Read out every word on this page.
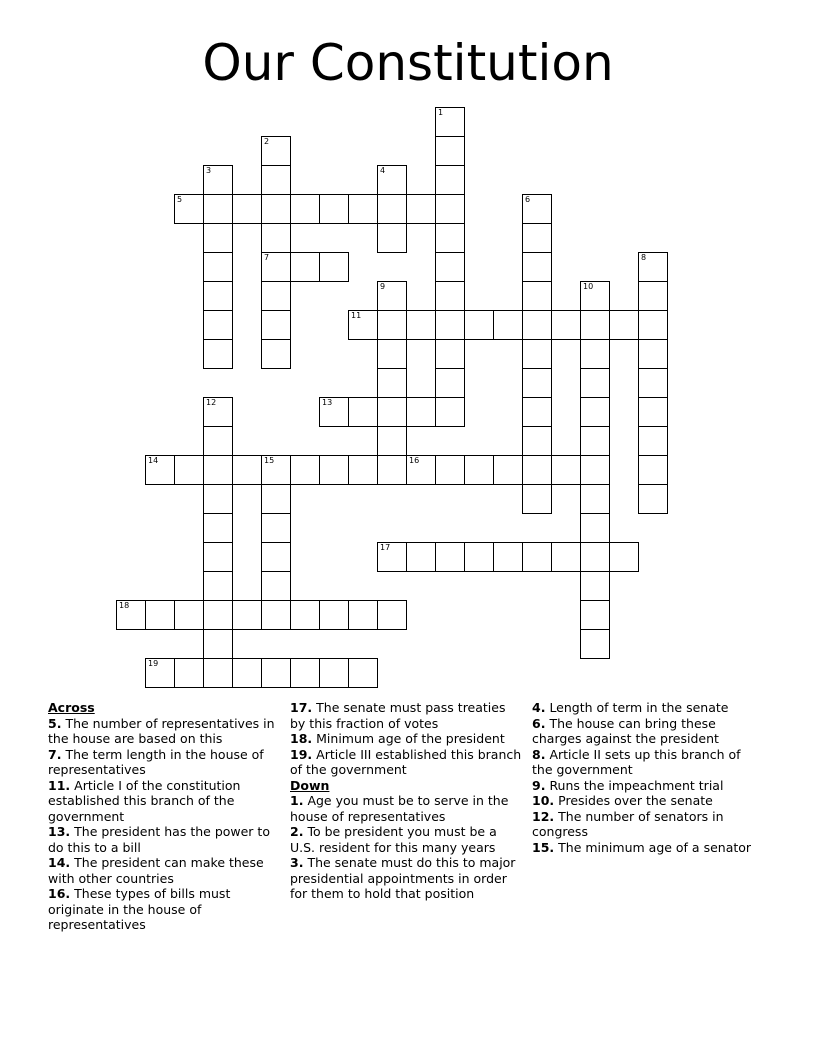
Our Constitution
5
7
11
13
14	15	16
17
18
19
1
2
3	4
6
8
9	10
12
Across

5. The number of representatives in the house are based on this

7. The term length in the house of representatives

11. Article I of the constitution established this branch of the government

13. The president has the power to do this to a bill

14. The president can make these with other countries

16. These types of bills must originate in the house of representatives

17. The senate must pass treaties by this fraction of votes

18. Minimum age of the president

19. Article III established this branch of the government

Down

1. Age you must be to serve in the house of representatives

2. To be president you must be a U.S. resident for this many years

3. The senate must do this to major presidential appointments in order for them to hold that position

4. Length of term in the senate

6. The house can bring these charges against the president

8. Article II sets up this branch of the government

9. Runs the impeachment trial

10. Presides over the senate

12. The number of senators in congress

15. The minimum age of a senator
